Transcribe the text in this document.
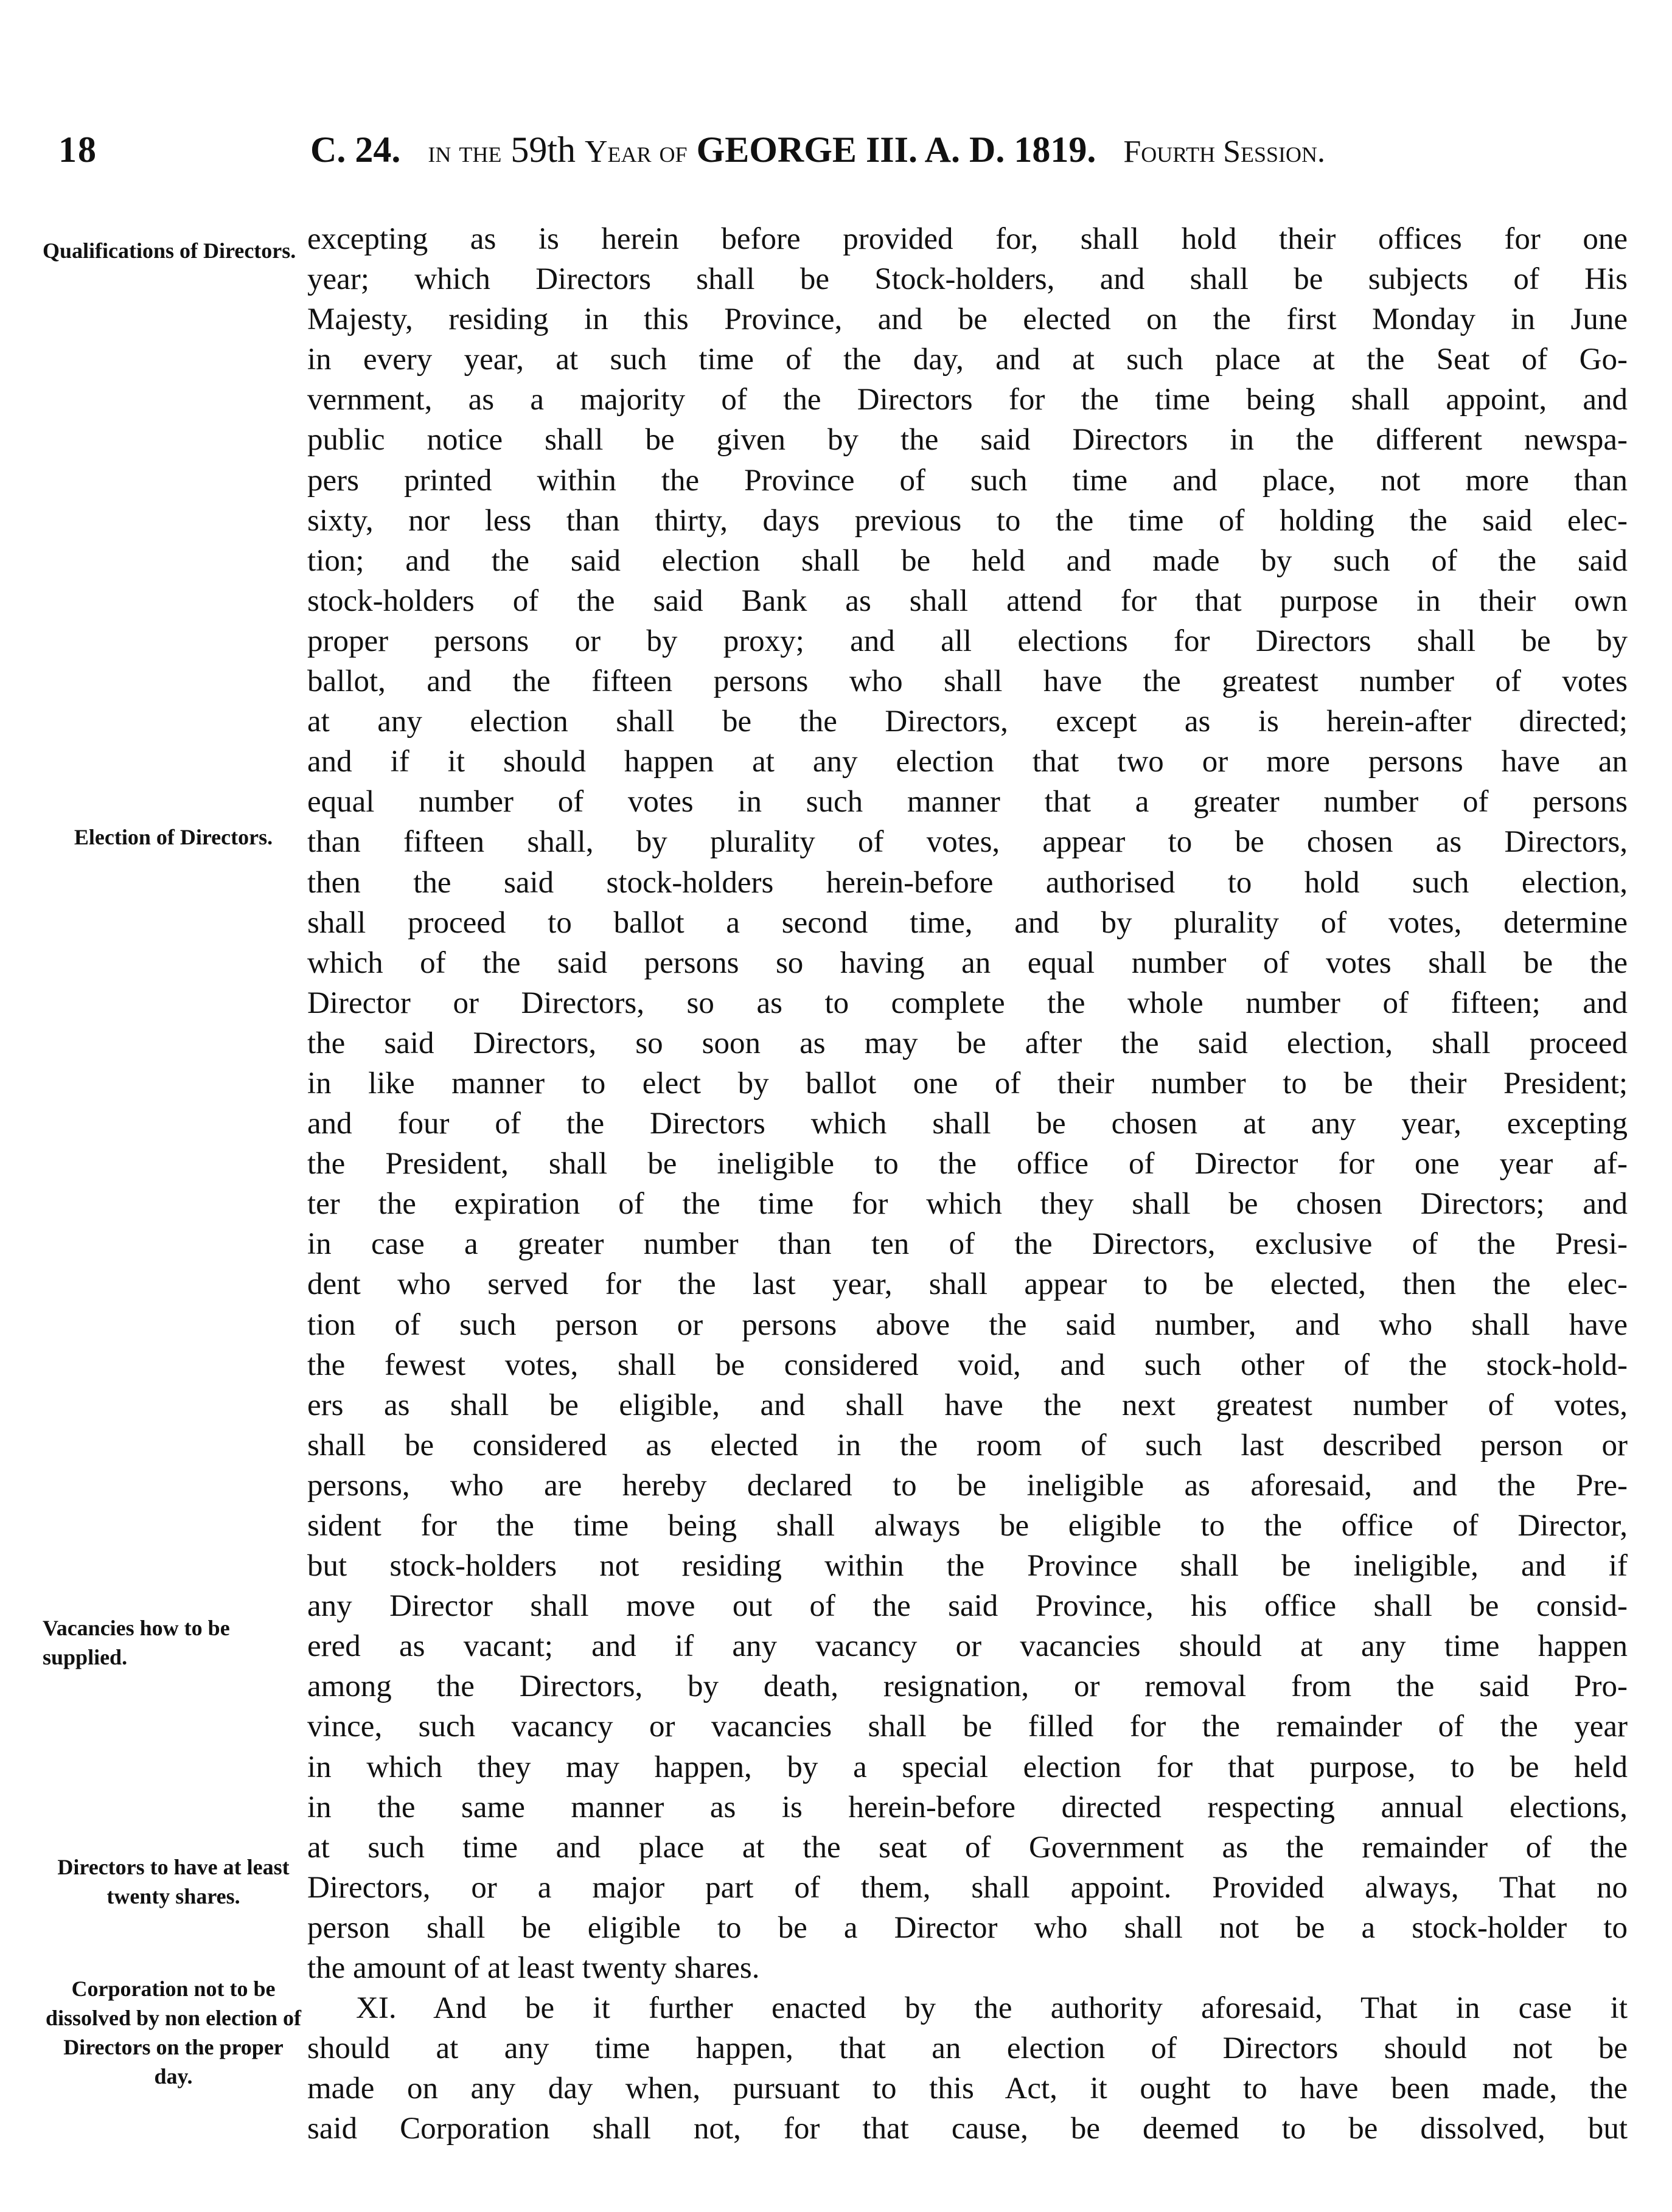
18	C. 24. in the 59th Year of GEORGE III. A. D. 1819. Fourth Session.
Qualifications of Directors.
Election of Directors.
Vacancies how to be supplied.
Directors to have at least twenty shares.
Corporation not to be dissolved by non election of Directors on the proper day.
excepting as is herein before provided for, shall hold their offices for one
year; which Directors shall be Stock-holders, and shall be subjects of His
Majesty, residing in this Province, and be elected on the first Monday in June
in every year, at such time of the day, and at such place at the Seat of Go-
vernment, as a majority of the Directors for the time being shall appoint, and
public notice shall be given by the said Directors in the different newspa-
pers printed within the Province of such time and place, not more than
sixty, nor less than thirty, days previous to the time of holding the said elec-
tion; and the said election shall be held and made by such of the said
stock-holders of the said Bank as shall attend for that purpose in their own
proper persons or by proxy; and all elections for Directors shall be by
ballot, and the fifteen persons who shall have the greatest number of votes
at any election shall be the Directors, except as is herein-after directed;
and if it should happen at any election that two or more persons have an
equal number of votes in such manner that a greater number of persons
than fifteen shall, by plurality of votes, appear to be chosen as Directors,
then the said stock-holders herein-before authorised to hold such election,
shall proceed to ballot a second time, and by plurality of votes, determine
which of the said persons so having an equal number of votes shall be the
Director or Directors, so as to complete the whole number of fifteen; and
the said Directors, so soon as may be after the said election, shall proceed
in like manner to elect by ballot one of their number to be their President;
and four of the Directors which shall be chosen at any year, excepting
the President, shall be ineligible to the office of Director for one year af-
ter the expiration of the time for which they shall be chosen Directors; and
in case a greater number than ten of the Directors, exclusive of the Presi-
dent who served for the last year, shall appear to be elected, then the elec-
tion of such person or persons above the said number, and who shall have
the fewest votes, shall be considered void, and such other of the stock-hold-
ers as shall be eligible, and shall have the next greatest number of votes,
shall be considered as elected in the room of such last described person or
persons, who are hereby declared to be ineligible as aforesaid, and the Pre-
sident for the time being shall always be eligible to the office of Director,
but stock-holders not residing within the Province shall be ineligible, and if
any Director shall move out of the said Province, his office shall be consid-
ered as vacant; and if any vacancy or vacancies should at any time happen
among the Directors, by death, resignation, or removal from the said Pro-
vince, such vacancy or vacancies shall be filled for the remainder of the year
in which they may happen, by a special election for that purpose, to be held
in the same manner as is herein-before directed respecting annual elections,
at such time and place at the seat of Government as the remainder of the
Directors, or a major part of them, shall appoint. Provided always, That no
person shall be eligible to be a Director who shall not be a stock-holder to
the amount of at least twenty shares.
XI. And be it further enacted by the authority aforesaid, That in case it
should at any time happen, that an election of Directors should not be
made on any day when, pursuant to this Act, it ought to have been made, the
said Corporation shall not, for that cause, be deemed to be dissolved, but
